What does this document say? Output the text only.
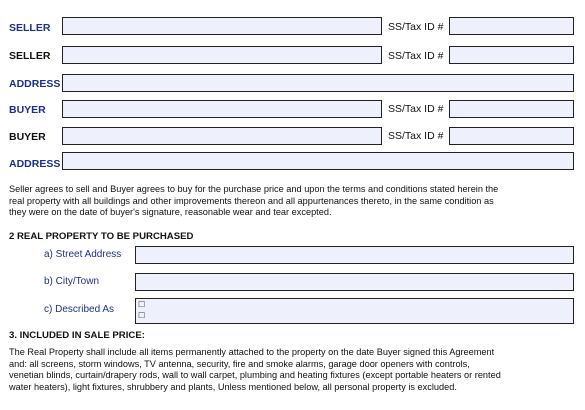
SELLER	SS/Tax ID #
SELLER	SS/Tax ID #
ADDRESS
BUYER	SS/Tax ID #
BUYER	SS/Tax ID #
ADDRESS
Seller agrees to sell and Buyer agrees to buy for the purchase price and upon the terms and conditions stated herein the
real property with all buildings and other improvements thereon and all appurtenances thereto, in the same condition as
they were on the date of buyer's signature, reasonable wear and tear excepted.
2 REAL PROPERTY TO BE PURCHASED
a) Street Address
b) City/Town
c) Described As	☐
☐
3. INCLUDED IN SALE PRICE:
The Real Property shall include all items permanently attached to the property on the date Buyer signed this Agreement
and: all screens, storm windows, TV antenna, security, fire and smoke alarms, garage door openers with controls,
venetian blinds, curtain/drapery rods, wall to wall carpet, plumbing and heating fixtures (except portable heaters or rented
water heaters), light fixtures, shrubbery and plants, Unless mentioned below, all personal property is excluded.
